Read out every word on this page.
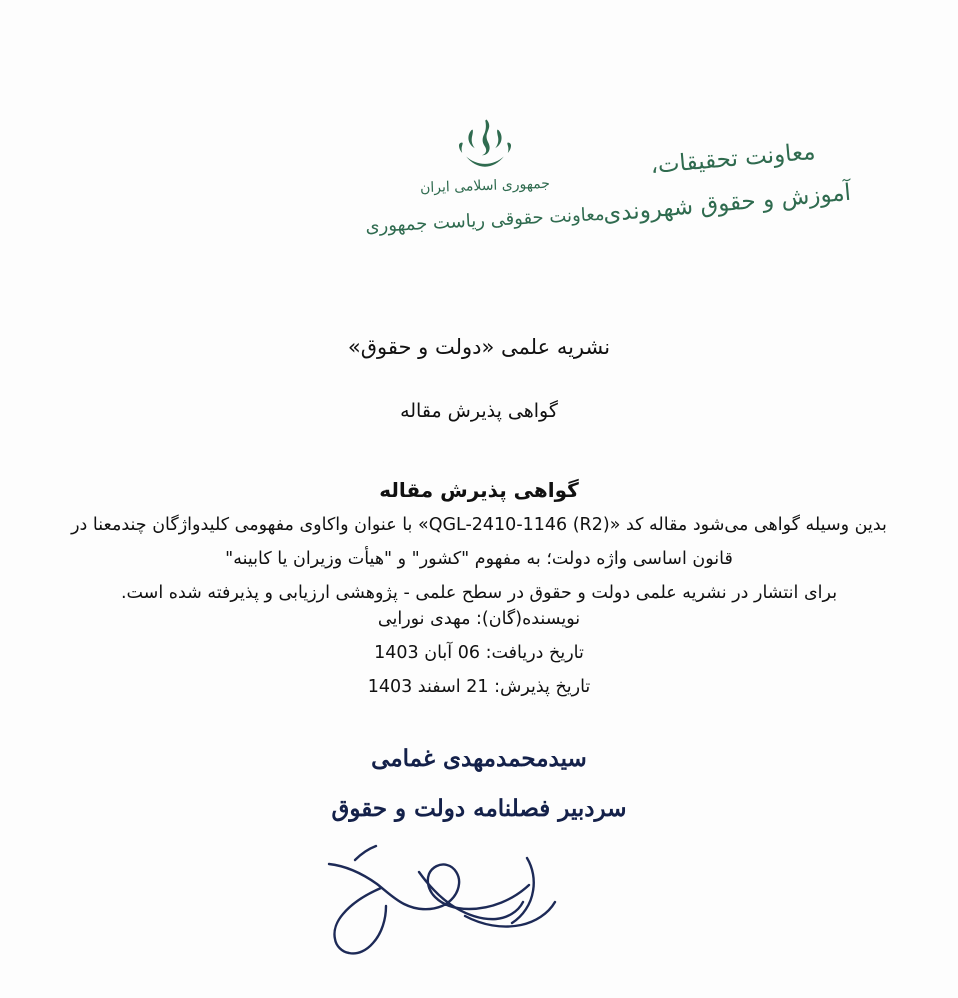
جمهوری اسلامی ایران
معاونت حقوقی ریاست جمهوری
معاونت تحقیقات،
آموزش و حقوق شهروندی
نشریه علمی «دولت و حقوق»
گواهی پذیرش مقاله
گواهی پذیرش مقاله
بدین وسیله گواهی می‌شود مقاله کد «QGL-2410-1146 (R2)» با عنوان واکاوی مفهومی کلیدواژگان چندمعنا در
قانون اساسی واژه دولت؛ به مفهوم "کشور" و "هیأت وزیران یا کابینه"
برای انتشار در نشریه علمی دولت و حقوق در سطح علمی - پژوهشی ارزیابی و پذیرفته شده است.
نویسنده(گان): مهدی نورایی
تاریخ دریافت: 06 آبان 1403
تاریخ پذیرش: 21 اسفند 1403
سیدمحمدمهدی غمامی
سردبیر فصلنامه دولت و حقوق
